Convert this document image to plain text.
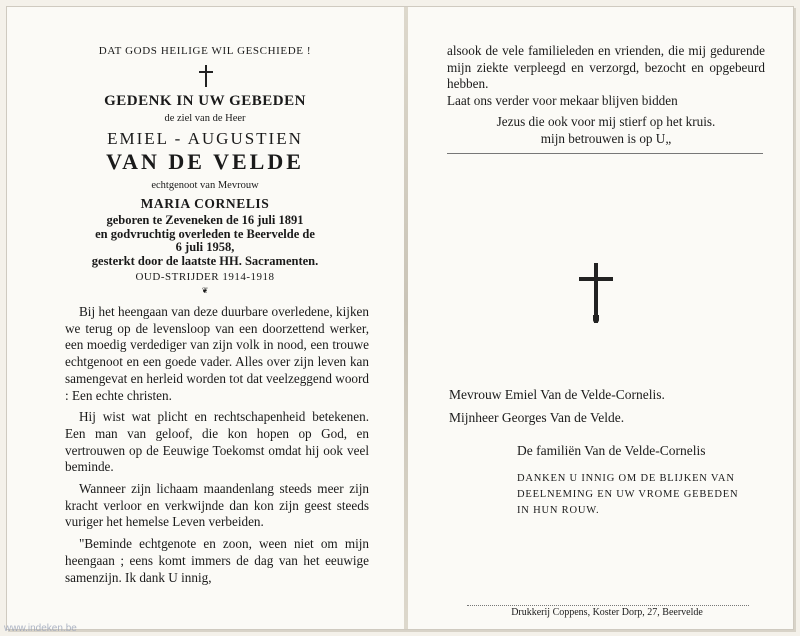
DAT GODS HEILIGE WIL GESCHIEDE !
GEDENK IN UW GEBEDEN
de ziel van de Heer
EMIEL - AUGUSTIEN
VAN DE VELDE
echtgenoot van Mevrouw
MARIA CORNELIS
geboren te Zeveneken de 16 juli 1891
en godvruchtig overleden te Beervelde de
6 juli 1958,
gesterkt door de laatste HH. Sacramenten.
OUD-STRIJDER 1914-1918
❦

Bij het heengaan van deze duurbare overledene, kijken we terug op de levensloop van een doorzettend werker, een moedig verdediger van zijn volk in nood, een trouwe echtgenoot en een goede vader. Alles over zijn leven kan samengevat en herleid worden tot dat veelzeggend woord : Een echte christen.

Hij wist wat plicht en rechtschapenheid betekenen. Een man van geloof, die kon hopen op God, en vertrouwen op de Eeuwige Toekomst omdat hij ook veel beminde.

Wanneer zijn lichaam maandenlang steeds meer zijn kracht verloor en verkwijnde dan kon zijn geest steeds vuriger het hemelse Leven verbeiden.

"Beminde echtgenote en zoon, ween niet om mijn heengaan ; eens komt immers de dag van het eeuwige samenzijn. Ik dank U innig,

alsook de vele familieleden en vrienden, die mij gedurende mijn ziekte verpleegd en verzorgd, bezocht en opgebeurd hebben.

Laat ons verder voor mekaar blijven bidden

Jezus die ook voor mij stierf op het kruis.
mijn betrouwen is op U„
Mevrouw Emiel Van de Velde-Cornelis.
Mijnheer Georges Van de Velde.
De familiën Van de Velde-Cornelis
DANKEN U INNIG OM DE BLIJKEN VAN
DEELNEMING EN UW VROME GEBEDEN
IN HUN ROUW.
Drukkerij Coppens, Koster Dorp, 27, Beervelde
www.indeken.be
